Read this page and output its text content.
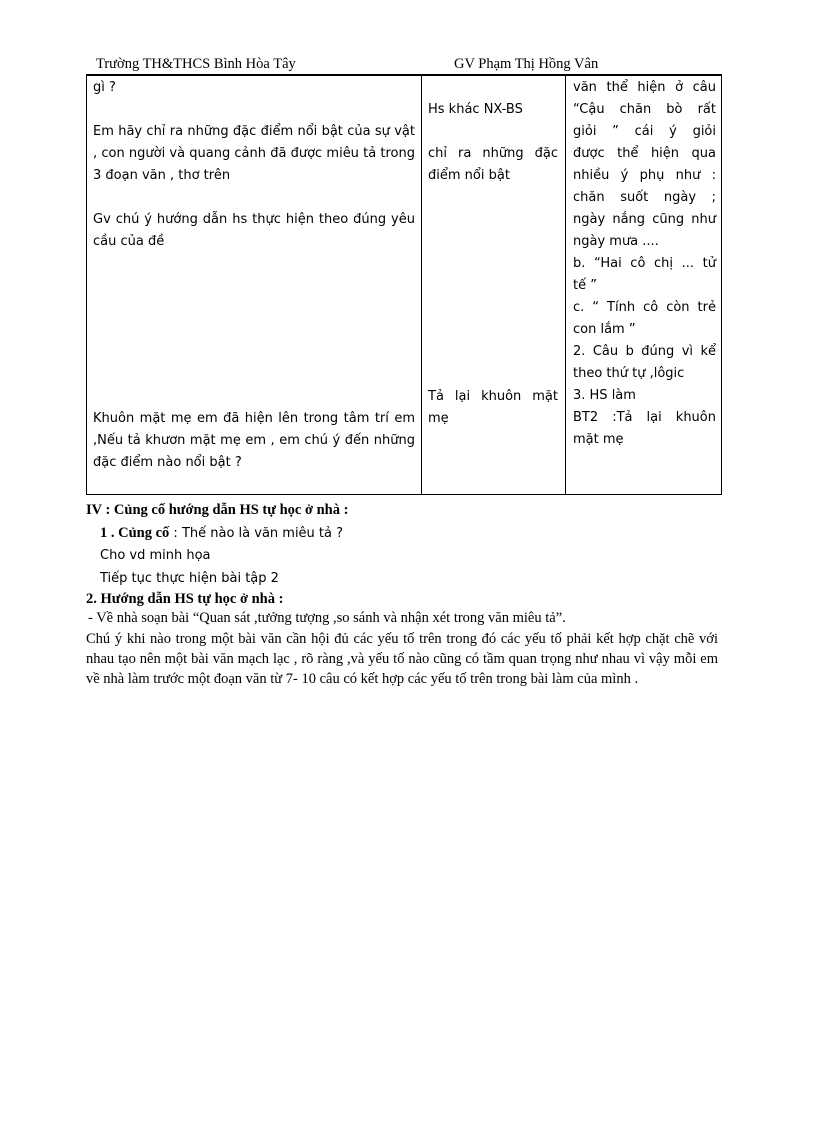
Trường TH&THCS Bình Hòa Tây	GV Phạm Thị Hồng Vân

gì ?

Em hãy chỉ ra những đặc điểm nổi bật của sự vật , con người và quang cảnh đã được miêu tả trong 3 đoạn văn , thơ trên

Gv chú ý hướng dẫn hs thực hiện theo đúng yêu cầu của đề

Khuôn mặt mẹ em đã hiện lên trong tâm trí em ,Nếu tả khươn mặt mẹ em , em chú ý đến những đặc điểm nào nổi bật ?

Hs khác NX-BS

chỉ ra những đặc điểm nổi bật

Tả lại khuôn mặt mẹ

văn thể hiện ở câu
“Cậu chăn bò rất
giỏi ” cái ý giỏi
được thể hiện qua
nhiều ý phụ như :
chăn suốt ngày ;
ngày nắng cũng như
ngày mưa ....
b. “Hai cô chị ... tử
tế ”
c. “ Tính cô còn trẻ
con lắm ”
2. Câu b đúng vì kể
theo thứ tự ,lôgic
3. HS làm
BT2 :Tả lại khuôn
mặt mẹ
IV : Củng cố hướng dẫn HS tự học ở nhà :
1 . Củng cố : Thế nào là văn miêu tả ?
Cho vd minh họa
Tiếp tục thực hiện bài tập 2
2. Hướng dẫn HS tự học ở nhà :
- Về nhà soạn bài “Quan sát ,tưởng tượng ,so sánh và nhận xét trong văn miêu tả”.
Chú ý khi nào trong một bài văn cần hội đủ các yếu tố trên trong đó các yếu tố phải kết hợp chặt chẽ với nhau tạo nên một bài văn mạch lạc , rõ ràng ,và yếu tố nào cũng có tầm quan trọng như nhau vì vậy mỗi em về nhà làm trước một đoạn văn từ 7- 10 câu có kết hợp các yếu tố trên trong bài làm của mình .
